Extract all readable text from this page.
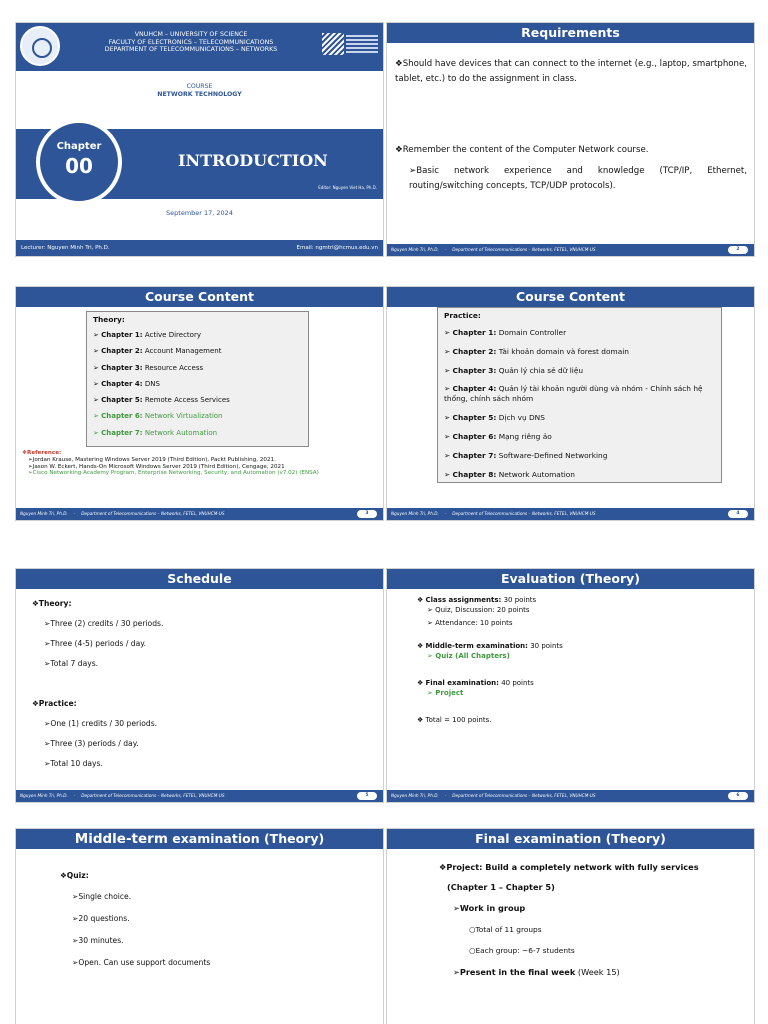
VNUHCM – UNIVERSITY OF SCIENCE
FACULTY OF ELECTRONICS – TELECOMMUNICATIONS
DEPARTMENT OF TELECOMMUNICATIONS – NETWORKS
COURSE
NETWORK TECHNOLOGY
Chapter
00	INTRODUCTION
Editor: Nguyen Viet Ha, Ph.D.
September 17, 2024
Lecturer: Nguyen Minh Tri, Ph.D.	Email: ngmtri@hcmus.edu.vn
Requirements
❖Should have devices that can connect to the internet (e.g., laptop, smartphone, tablet, etc.) to do the assignment in class.
❖Remember the content of the Computer Network course.
➢Basic network experience and knowledge (TCP/IP, Ethernet, routing/switching concepts, TCP/UDP protocols).
Nguyen Minh Tri, Ph.D. - Department of Telecommunications – Networks, FETEL, VNUHCM-US	2
Course Content
Theory:
➢ Chapter 1: Active Directory
➢ Chapter 2: Account Management
➢ Chapter 3: Resource Access
➢ Chapter 4: DNS
➢ Chapter 5: Remote Access Services
➢ Chapter 6: Network Virtualization
➢ Chapter 7: Network Automation
❖Reference:
➢Jordan Krause, Mastering Windows Server 2019 (Third Edition), Packt Publishing, 2021.
➢Jason W. Eckert, Hands-On Microsoft Windows Server 2019 (Third Edition), Cengage, 2021
➢Cisco Networking Academy Program, Enterprise Networking, Security, and Automation (v7.02) (ENSA)
Nguyen Minh Tri, Ph.D. - Department of Telecommunications – Networks, FETEL, VNUHCM-US	3
Course Content
Practice:
➢ Chapter 1: Domain Controller
➢ Chapter 2: Tài khoản domain và forest domain
➢ Chapter 3: Quản lý chia sẻ dữ liệu
➢ Chapter 4: Quản lý tài khoản người dùng và nhóm - Chính sách hệ thống, chính sách nhóm
➢ Chapter 5: Dịch vụ DNS
➢ Chapter 6: Mạng riêng ảo
➢ Chapter 7: Software-Defined Networking
➢ Chapter 8: Network Automation
Nguyen Minh Tri, Ph.D. - Department of Telecommunications – Networks, FETEL, VNUHCM-US	4
Schedule
❖Theory:
➢Three (2) credits / 30 periods.
➢Three (4-5) periods / day.
➢Total 7 days.
❖Practice:
➢One (1) credits / 30 periods.
➢Three (3) periods / day.
➢Total 10 days.
Nguyen Minh Tri, Ph.D. - Department of Telecommunications – Networks, FETEL, VNUHCM-US	5
Evaluation (Theory)
❖ Class assignments: 30 points
➢ Quiz, Discussion: 20 points
➢ Attendance: 10 points
❖ Middle-term examination: 30 points
➢ Quiz (All Chapters)
❖ Final examination: 40 points
➢ Project
❖ Total = 100 points.
Nguyen Minh Tri, Ph.D. - Department of Telecommunications – Networks, FETEL, VNUHCM-US	6
Middle-term examination (Theory)
❖Quiz:
➢Single choice.
➢20 questions.
➢30 minutes.
➢Open. Can use support documents
Final examination (Theory)
❖Project: Build a completely network with fully services
(Chapter 1 – Chapter 5)
➢Work in group
○Total of 11 groups
○Each group: ~6-7 students
➢Present in the final week (Week 15)
